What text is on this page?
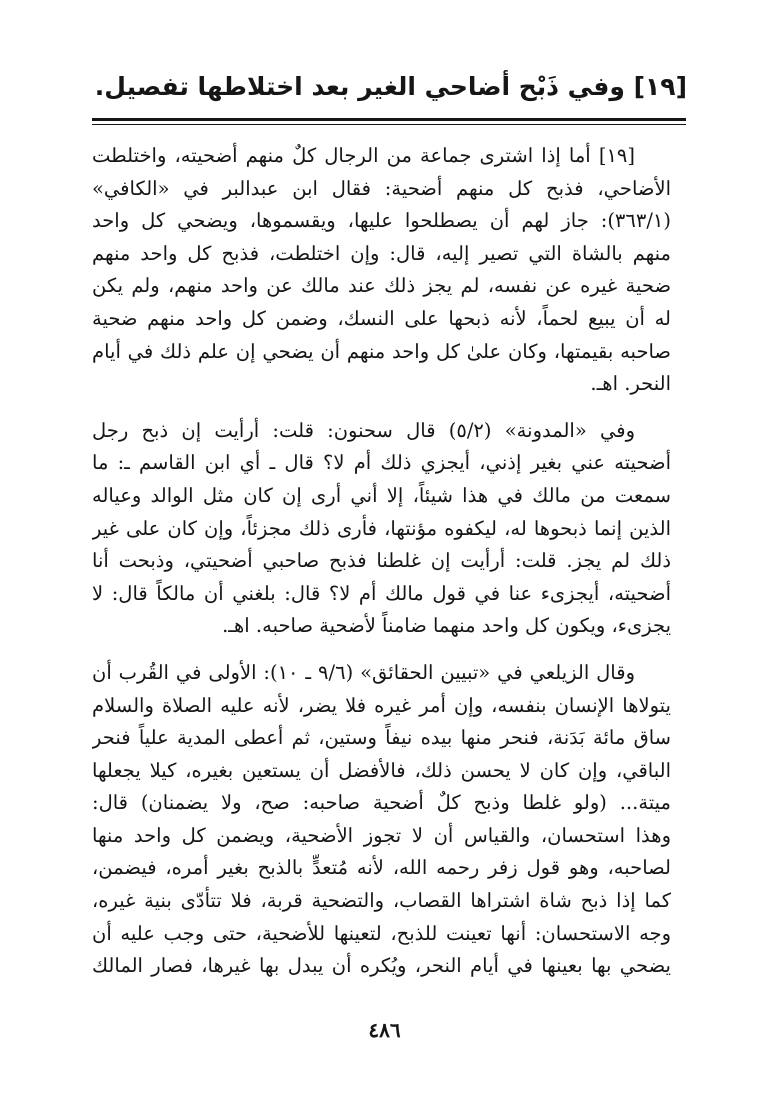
[١٩] وفي ذَبْح أضاحي الغير بعد اختلاطها تفصيل.

[١٩] أما إذا اشترى جماعة من الرجال كلٌ منهم أضحيته، واختلطت
الأضاحي، فذبح كل منهم أضحية: فقال ابن عبدالبر في «الكافي»
(٣٦٣/١): جاز لهم أن يصطلحوا عليها، ويقسموها، ويضحي كل واحد
منهم بالشاة التي تصير إليه، قال: وإن اختلطت، فذبح كل واحد منهم
ضحية غيره عن نفسه، لم يجز ذلك عند مالك عن واحد منهم، ولم يكن
له أن يبيع لحماً، لأنه ذبحها على النسك، وضمن كل واحد منهم ضحية
صاحبه بقيمتها، وكان علىٰ كل واحد منهم أن يضحي إن علم ذلك في أيام
النحر. اهـ.

وفي «المدونة» (٥/٢) قال سحنون: قلت: أرأيت إن ذبح رجل
أضحيته عني بغير إذني، أيجزي ذلك أم لا؟ قال ـ أي ابن القاسم ـ: ما
سمعت من مالك في هذا شيئاً، إلا أني أرى إن كان مثل الوالد وعياله
الذين إنما ذبحوها له، ليكفوه مؤنتها، فأرى ذلك مجزئاً، وإن كان على غير
ذلك لم يجز. قلت: أرأيت إن غلطنا فذبح صاحبي أضحيتي، وذبحت أنا
أضحيته، أيجزىء عنا في قول مالك أم لا؟ قال: بلغني أن مالكاً قال: لا
يجزىء، ويكون كل واحد منهما ضامناً لأضحية صاحبه. اهـ.

وقال الزيلعي في «تبيين الحقائق» (٩/٦ ـ ١٠): الأولى في القُرب أن
يتولاها الإنسان بنفسه، وإن أمر غيره فلا يضر، لأنه عليه الصلاة والسلام
ساق مائة بَدَنة، فنحر منها بيده نيفاً وستين، ثم أعطى المدية علياً فنحر
الباقي، وإن كان لا يحسن ذلك، فالأفضل أن يستعين بغيره، كيلا يجعلها
ميتة... (ولو غلطا وذبح كلٌ أضحية صاحبه: صح، ولا يضمنان) قال:
وهذا استحسان، والقياس أن لا تجوز الأضحية، ويضمن كل واحد منها
لصاحبه، وهو قول زفر رحمه الله، لأنه مُتعدٍّ بالذبح بغير أمره، فيضمن،
كما إذا ذبح شاة اشتراها القصاب، والتضحية قربة، فلا تتأدّى بنية غيره،
وجه الاستحسان: أنها تعينت للذبح، لتعينها للأضحية، حتى وجب عليه أن
يضحي بها بعينها في أيام النحر، ويُكره أن يبدل بها غيرها، فصار المالك

٤٨٦
